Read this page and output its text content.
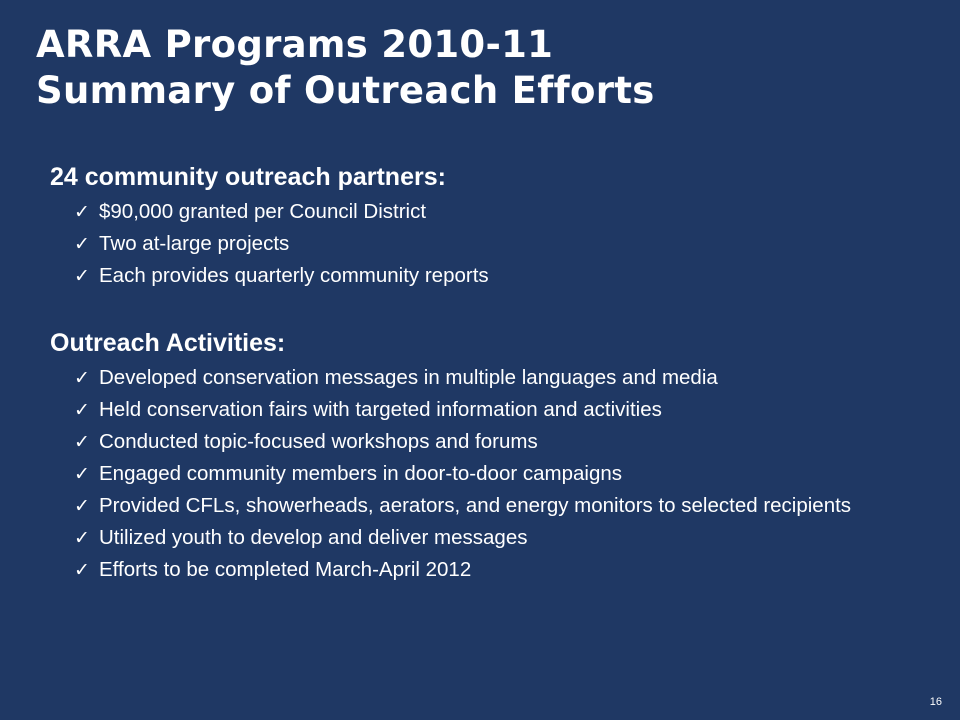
ARRA Programs 2010-11
Summary of Outreach Efforts
24 community outreach partners:
✓ $90,000 granted per Council District
✓ Two at-large projects
✓ Each provides quarterly community reports
Outreach Activities:
✓ Developed conservation messages in multiple languages and media
✓ Held conservation fairs with targeted information and activities
✓ Conducted topic-focused workshops and forums
✓ Engaged community members in door-to-door campaigns
✓ Provided CFLs, showerheads, aerators, and energy monitors to selected recipients
✓ Utilized youth to develop and deliver messages
✓ Efforts to be completed March-April 2012
16
